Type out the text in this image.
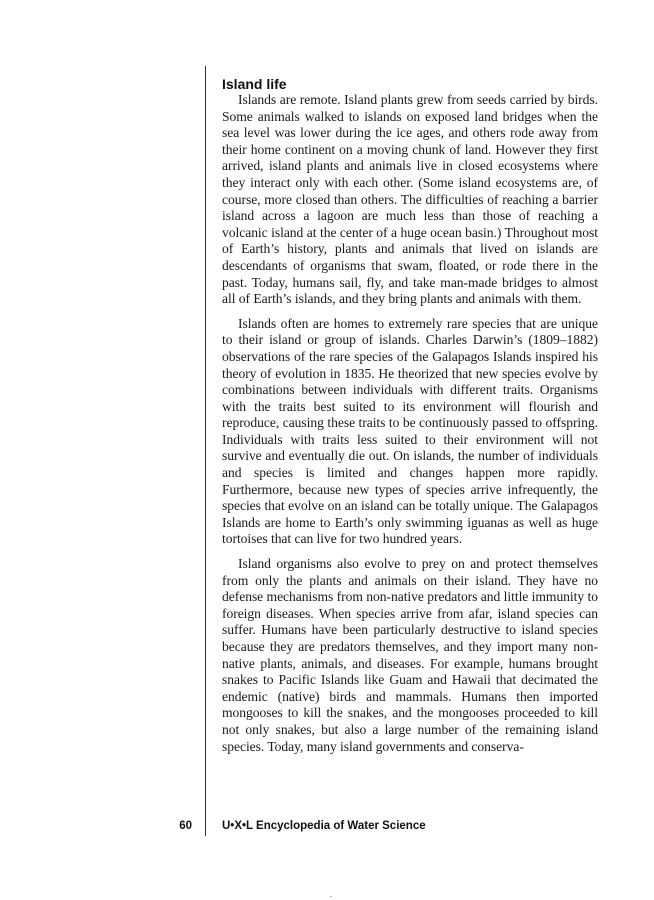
Island life

Islands are remote. Island plants grew from seeds carried by birds. Some animals walked to islands on exposed land bridges when the sea level was lower during the ice ages, and others rode away from their home continent on a moving chunk of land. However they first arrived, island plants and animals live in closed ecosystems where they interact only with each other. (Some island ecosystems are, of course, more closed than others. The difficulties of reaching a barrier island across a lagoon are much less than those of reaching a volcanic island at the center of a huge ocean basin.) Throughout most of Earth’s history, plants and animals that lived on islands are descendants of organisms that swam, floated, or rode there in the past. Today, humans sail, fly, and take man-made bridges to almost all of Earth’s islands, and they bring plants and animals with them.

Islands often are homes to extremely rare species that are unique to their island or group of islands. Charles Darwin’s (1809–1882) observations of the rare species of the Galapagos Islands inspired his theory of evolution in 1835. He theorized that new species evolve by combinations between individuals with different traits. Organisms with the traits best suited to its environment will flourish and reproduce, causing these traits to be continuously passed to offspring. Individuals with traits less suited to their environment will not survive and eventually die out. On islands, the number of individuals and species is limited and changes happen more rapidly. Furthermore, because new types of species arrive infrequently, the species that evolve on an island can be totally unique. The Galapagos Islands are home to Earth’s only swimming iguanas as well as huge tortoises that can live for two hundred years.

Island organisms also evolve to prey on and protect themselves from only the plants and animals on their island. They have no defense mechanisms from non-native predators and little immunity to foreign diseases. When species arrive from afar, island species can suffer. Humans have been particularly destructive to island species because they are predators themselves, and they import many non-native plants, animals, and diseases. For example, humans brought snakes to Pacific Islands like Guam and Hawaii that decimated the endemic (native) birds and mammals. Humans then imported mongooses to kill the snakes, and the mongooses proceeded to kill not only snakes, but also a large number of the remaining island species. Today, many island governments and conserva-

60	U•X•L Encyclopedia of Water Science
